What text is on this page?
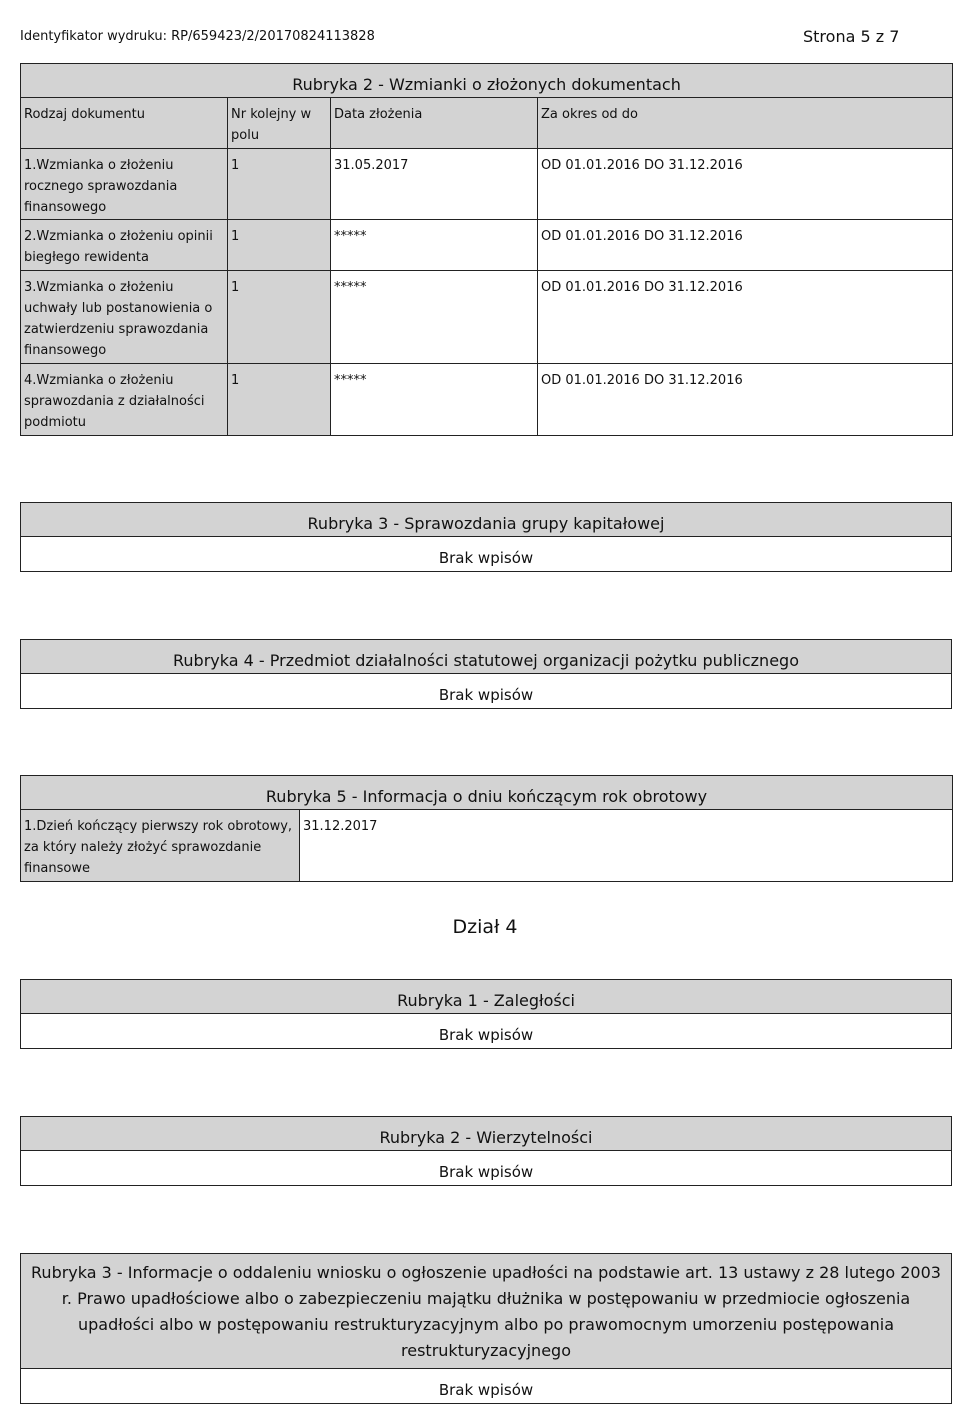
Identyfikator wydruku: RP/659423/2/20170824113828	Strona 5 z 7
Rubryka 2 - Wzmianki o złożonych dokumentach			
Rodzaj dokumentu	Nr kolejny w polu	Data złożenia	Za okres od do
1.Wzmianka o złożeniu rocznego sprawozdania finansowego	1	31.05.2017	OD 01.01.2016 DO 31.12.2016
2.Wzmianka o złożeniu opinii biegłego rewidenta	1	*****	OD 01.01.2016 DO 31.12.2016
3.Wzmianka o złożeniu uchwały lub postanowienia o zatwierdzeniu sprawozdania finansowego	1	*****	OD 01.01.2016 DO 31.12.2016
4.Wzmianka o złożeniu sprawozdania z działalności podmiotu	1	*****	OD 01.01.2016 DO 31.12.2016
Rubryka 3 - Sprawozdania grupy kapitałowej
Brak wpisów
Rubryka 4 - Przedmiot działalności statutowej organizacji pożytku publicznego
Brak wpisów
Rubryka 5 - Informacja o dniu kończącym rok obrotowy
1.Dzień kończący pierwszy rok obrotowy, za który należy złożyć sprawozdanie finansowe	31.12.2017
Dział 4
Rubryka 1 - Zaległości
Brak wpisów
Rubryka 2 - Wierzytelności
Brak wpisów
Rubryka 3 - Informacje o oddaleniu wniosku o ogłoszenie upadłości na podstawie art. 13 ustawy z 28 lutego 2003 r. Prawo upadłościowe albo o zabezpieczeniu majątku dłużnika w postępowaniu w przedmiocie ogłoszenia upadłości albo w postępowaniu restrukturyzacyjnym albo po prawomocnym umorzeniu postępowania restrukturyzacyjnego
Brak wpisów
